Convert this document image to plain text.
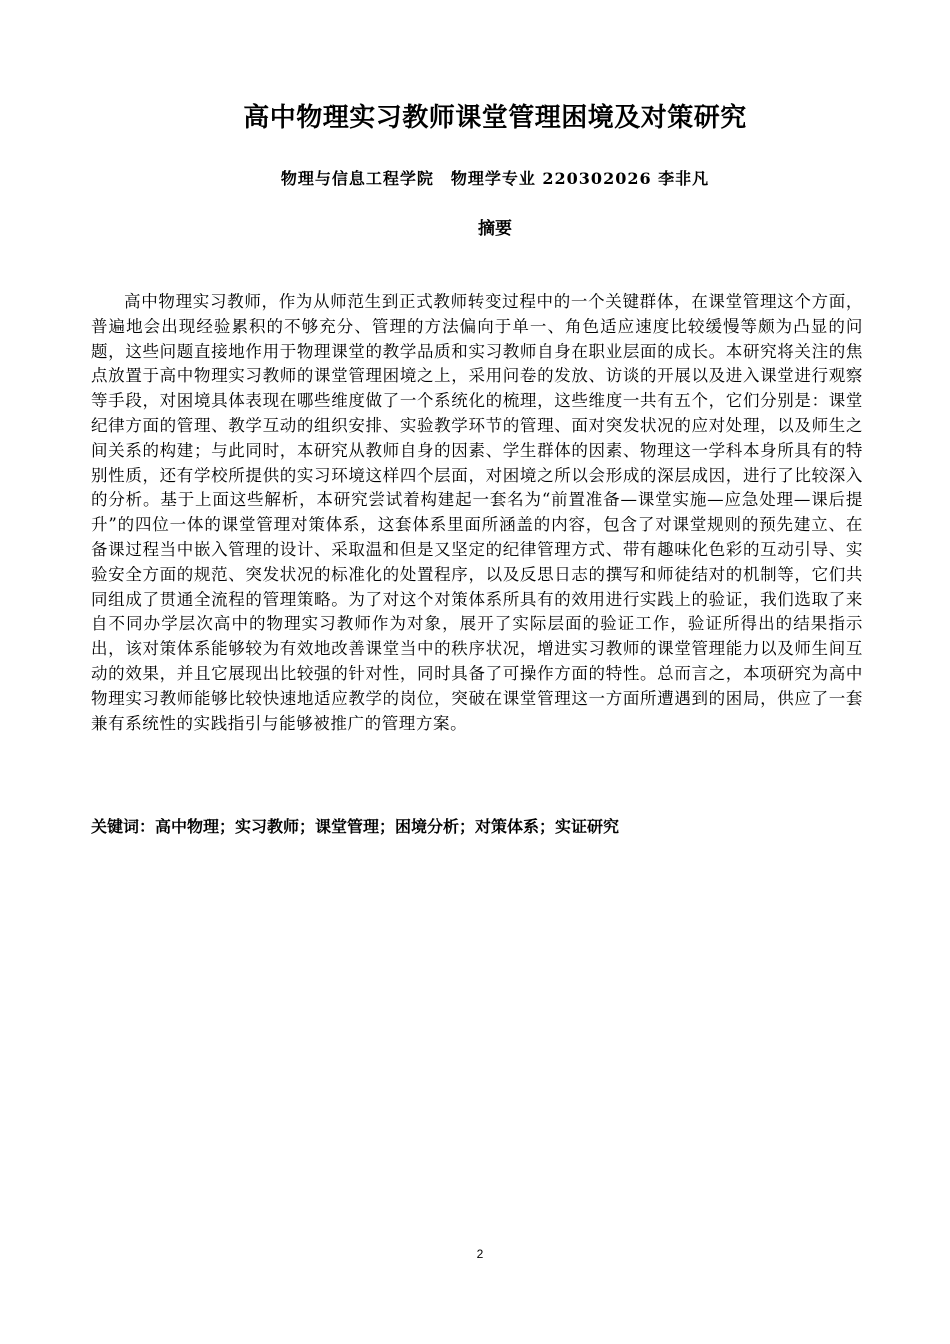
高中物理实习教师课堂管理困境及对策研究
物理与信息工程学院　物理学专业 220302026 李非凡
摘要

高中物理实习教师，作为从师范生到正式教师转变过程中的一个关键群体，在课堂管理这个方面，普遍地会出现经验累积的不够充分、管理的方法偏向于单一、角色适应速度比较缓慢等颇为凸显的问题，这些问题直接地作用于物理课堂的教学品质和实习教师自身在职业层面的成长。本研究将关注的焦点放置于高中物理实习教师的课堂管理困境之上，采用问卷的发放、访谈的开展以及进入课堂进行观察等手段，对困境具体表现在哪些维度做了一个系统化的梳理，这些维度一共有五个，它们分别是：课堂纪律方面的管理、教学互动的组织安排、实验教学环节的管理、面对突发状况的应对处理，以及师生之间关系的构建；与此同时，本研究从教师自身的因素、学生群体的因素、物理这一学科本身所具有的特别性质，还有学校所提供的实习环境这样四个层面，对困境之所以会形成的深层成因，进行了比较深入的分析。基于上面这些解析，本研究尝试着构建起一套名为“前置准备—课堂实施—应急处理—课后提升”的四位一体的课堂管理对策体系，这套体系里面所涵盖的内容，包含了对课堂规则的预先建立、在备课过程当中嵌入管理的设计、采取温和但是又坚定的纪律管理方式、带有趣味化色彩的互动引导、实验安全方面的规范、突发状况的标准化的处置程序，以及反思日志的撰写和师徒结对的机制等，它们共同组成了贯通全流程的管理策略。为了对这个对策体系所具有的效用进行实践上的验证，我们选取了来自不同办学层次高中的物理实习教师作为对象，展开了实际层面的验证工作，验证所得出的结果指示出，该对策体系能够较为有效地改善课堂当中的秩序状况，增进实习教师的课堂管理能力以及师生间互动的效果，并且它展现出比较强的针对性，同时具备了可操作方面的特性。总而言之，本项研究为高中物理实习教师能够比较快速地适应教学的岗位，突破在课堂管理这一方面所遭遇到的困局，供应了一套兼有系统性的实践指引与能够被推广的管理方案。

关键词：高中物理；实习教师；课堂管理；困境分析；对策体系；实证研究
2
